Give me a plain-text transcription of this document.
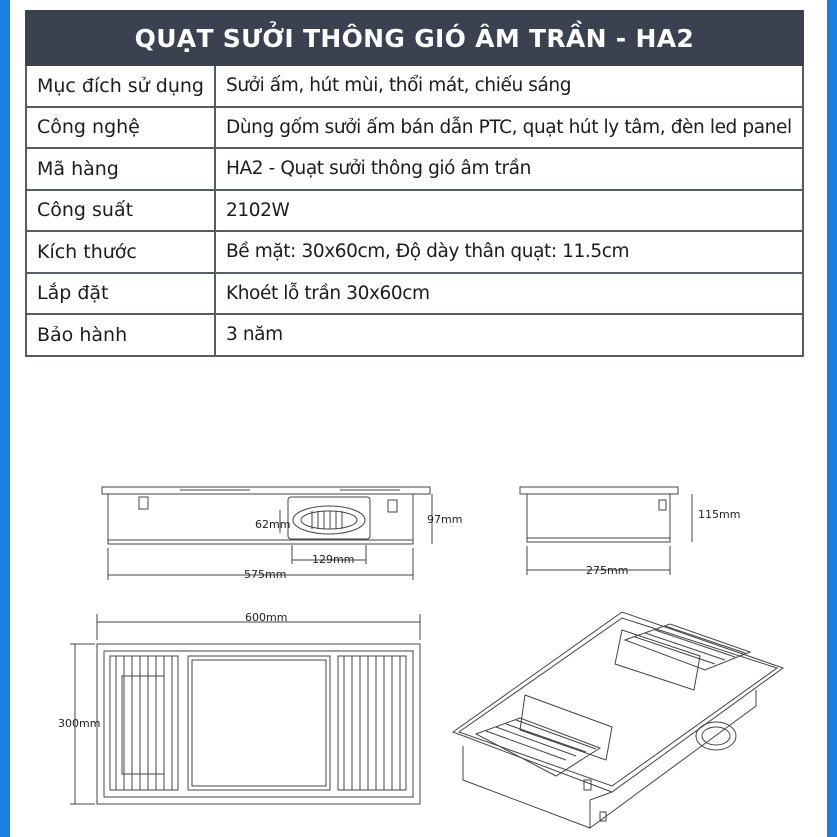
QUẠT SƯỞI THÔNG GIÓ ÂM TRẦN - HA2	
Mục đích sử dụng	Sưởi ấm, hút mùi, thổi mát, chiếu sáng
Công nghệ	Dùng gốm sưởi ấm bán dẫn PTC, quạt hút ly tâm, đèn led panel
Mã hàng	HA2 - Quạt sưởi thông gió âm trần
Công suất	2102W
Kích thước	Bề mặt: 30x60cm, Độ dày thân quạt: 11.5cm
Lắp đặt	Khoét lỗ trần 30x60cm
Bảo hành	3 năm
62mm	97mm
129mm
575mm
115mm
275mm
600mm
300mm
